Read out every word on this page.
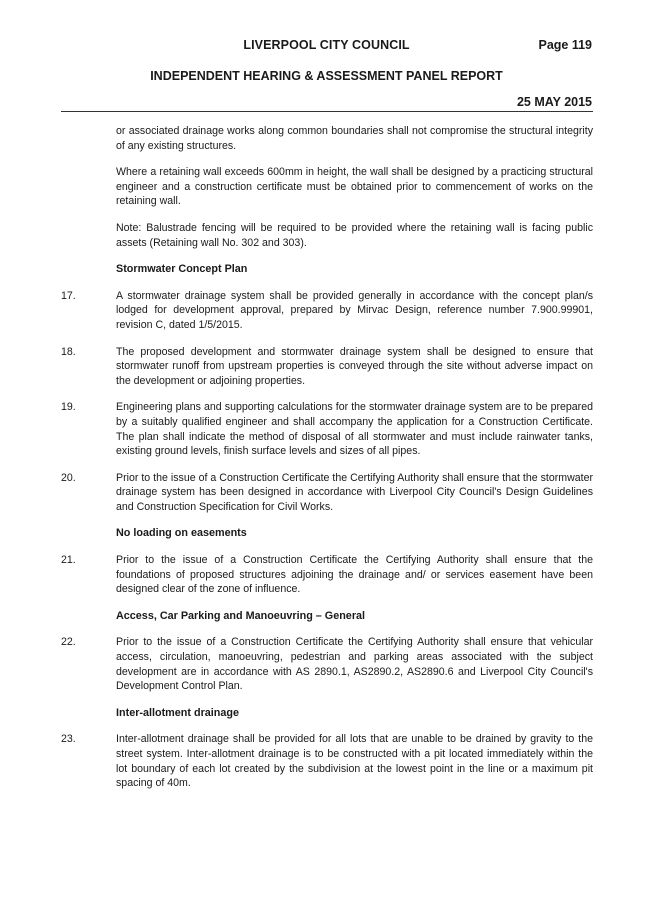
LIVERPOOL CITY COUNCIL	Page 119
INDEPENDENT HEARING & ASSESSMENT PANEL REPORT
25 MAY 2015

or associated drainage works along common boundaries shall not compromise the structural integrity of any existing structures.

Where a retaining wall exceeds 600mm in height, the wall shall be designed by a practicing structural engineer and a construction certificate must be obtained prior to commencement of works on the retaining wall.

Note: Balustrade fencing will be required to be provided where the retaining wall is facing public assets (Retaining wall No. 302 and 303).

Stormwater Concept Plan
17.	A stormwater drainage system shall be provided generally in accordance with the concept plan/s lodged for development approval, prepared by Mirvac Design, reference number 7.900.99901, revision C, dated 1/5/2015.
18.	The proposed development and stormwater drainage system shall be designed to ensure that stormwater runoff from upstream properties is conveyed through the site without adverse impact on the development or adjoining properties.
19.	Engineering plans and supporting calculations for the stormwater drainage system are to be prepared by a suitably qualified engineer and shall accompany the application for a Construction Certificate. The plan shall indicate the method of disposal of all stormwater and must include rainwater tanks, existing ground levels, finish surface levels and sizes of all pipes.
20.	Prior to the issue of a Construction Certificate the Certifying Authority shall ensure that the stormwater drainage system has been designed in accordance with Liverpool City Council's Design Guidelines and Construction Specification for Civil Works.
No loading on easements
21.	Prior to the issue of a Construction Certificate the Certifying Authority shall ensure that the foundations of proposed structures adjoining the drainage and/ or services easement have been designed clear of the zone of influence.
Access, Car Parking and Manoeuvring – General
22.	Prior to the issue of a Construction Certificate the Certifying Authority shall ensure that vehicular access, circulation, manoeuvring, pedestrian and parking areas associated with the subject development are in accordance with AS 2890.1, AS2890.2, AS2890.6 and Liverpool City Council's Development Control Plan.
Inter-allotment drainage
23.	Inter-allotment drainage shall be provided for all lots that are unable to be drained by gravity to the street system. Inter-allotment drainage is to be constructed with a pit located immediately within the lot boundary of each lot created by the subdivision at the lowest point in the line or a maximum pit spacing of 40m.
